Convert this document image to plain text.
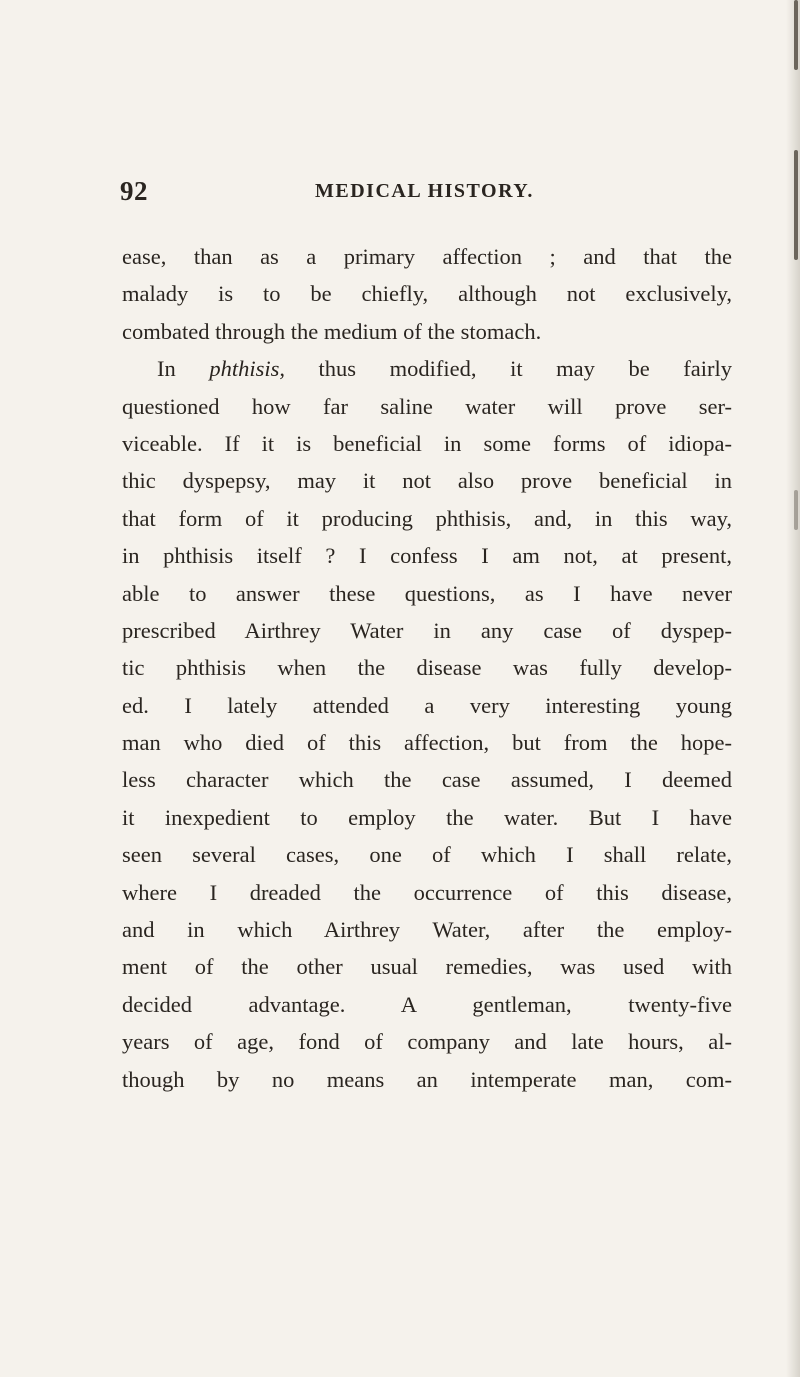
92	MEDICAL HISTORY.
ease, than as a primary affection ; and that the
malady is to be chiefly, although not exclusively,
combated through the medium of the stomach.
In phthisis, thus modified, it may be fairly
questioned how far saline water will prove ser-
viceable. If it is beneficial in some forms of idiopa-
thic dyspepsy, may it not also prove beneficial in
that form of it producing phthisis, and, in this way,
in phthisis itself ? I confess I am not, at present,
able to answer these questions, as I have never
prescribed Airthrey Water in any case of dyspep-
tic phthisis when the disease was fully develop-
ed. I lately attended a very interesting young
man who died of this affection, but from the hope-
less character which the case assumed, I deemed
it inexpedient to employ the water. But I have
seen several cases, one of which I shall relate,
where I dreaded the occurrence of this disease,
and in which Airthrey Water, after the employ-
ment of the other usual remedies, was used with
decided advantage. A gentleman, twenty-five
years of age, fond of company and late hours, al-
though by no means an intemperate man, com-
